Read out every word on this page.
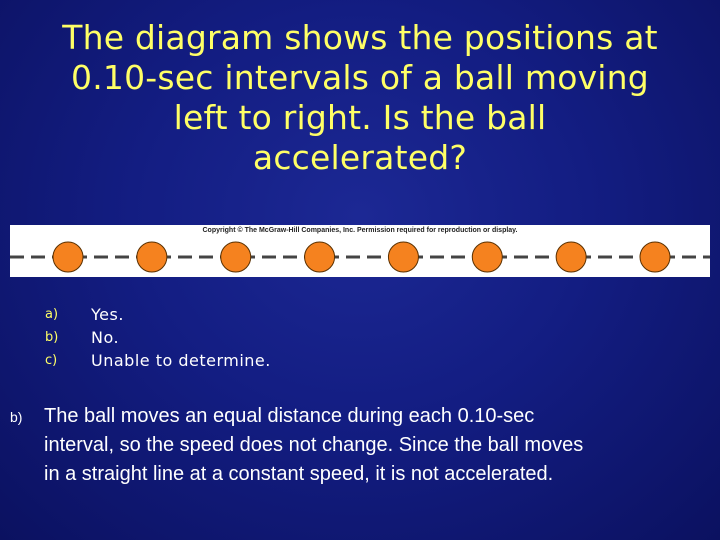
The diagram shows the positions at
0.10-sec intervals of a ball moving
left to right. Is the ball
accelerated?
Copyright © The McGraw-Hill Companies, Inc. Permission required for reproduction or display.
a)	Yes.
b)	No.
c)	Unable to determine.
b)	The ball moves an equal distance during each 0.10-sec
interval, so the speed does not change. Since the ball moves
in a straight line at a constant speed, it is not accelerated.
